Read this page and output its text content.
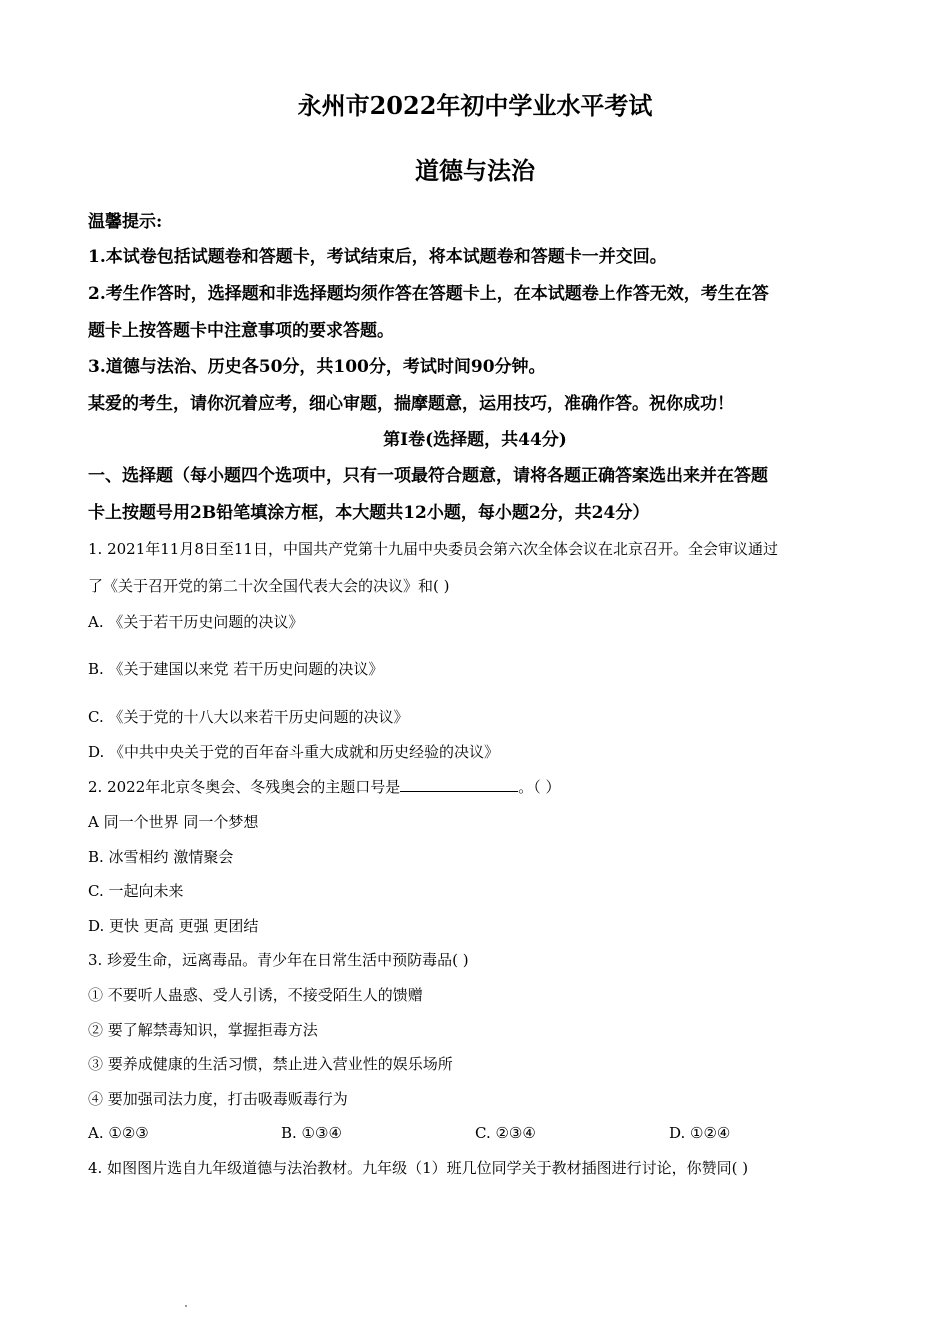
永州市2022年初中学业水平考试
道德与法治
温馨提示:
1.本试卷包括试题卷和答题卡，考试结束后，将本试题卷和答题卡一并交回。
2.考生作答时，选择题和非选择题均须作答在答题卡上，在本试题卷上作答无效，考生在答
题卡上按答题卡中注意事项的要求答题。
3.道德与法治、历史各50分，共100分，考试时间90分钟。
某爱的考生，请你沉着应考，细心审题，揣摩题意，运用技巧，准确作答。祝你成功！
第Ⅰ卷(选择题，共44分)
一、选择题（每小题四个选项中，只有一项最符合题意，请将各题正确答案选出来并在答题
卡上按题号用2B铅笔填涂方框，本大题共12小题，每小题2分，共24分）
1. 2021年11月8日至11日，中国共产党第十九届中央委员会第六次全体会议在北京召开。全会审议通过
了《关于召开党的第二十次全国代表大会的决议》和( )
A. 《关于若干历史问题的决议》
B. 《关于建国以来党 若干历史问题的决议》
C. 《关于党的十八大以来若干历史问题的决议》
D. 《中共中央关于党的百年奋斗重大成就和历史经验的决议》
2. 2022年北京冬奥会、冬残奥会的主题口号是	。（ ）
A 同一个世界 同一个梦想
B. 冰雪相约 激情聚会
C. 一起向未来
D. 更快 更高 更强 更团结
3. 珍爱生命，远离毒品。青少年在日常生活中预防毒品( )
① 不要听人蛊惑、受人引诱，不接受陌生人的馈赠
② 要了解禁毒知识，掌握拒毒方法
③ 要养成健康的生活习惯，禁止进入营业性的娱乐场所
④ 要加强司法力度，打击吸毒贩毒行为
A. ①②③	B. ①③④	C. ②③④	D. ①②④
4. 如图图片选自九年级道德与法治教材。九年级（1）班几位同学关于教材插图进行讨论，你赞同( )
